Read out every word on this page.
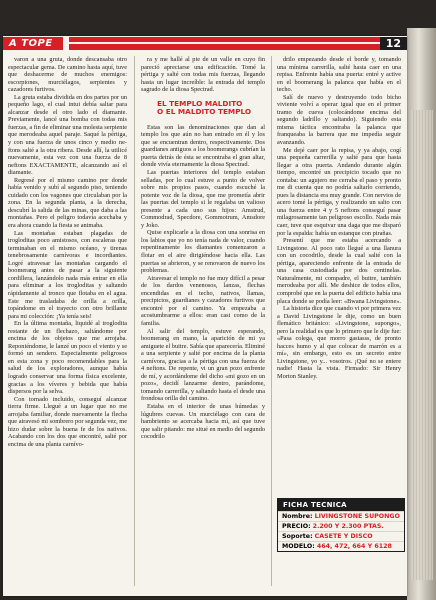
A TOPE	12

varon a una gruta, donde descansaba otro espectacular gema. De camino hasta aquí, tuve que deshacerme de muchos enemigos: escorpiones, murciélagos, serpientes y cazadores furtivos.

La gruta estaba dividida en dos partes por un pequeño lago, el cual intui debía saltar para alcanzar desde el otro lado el diamante. Previamente, lancé una bomba con todas mis fuerzas, a fin de eliminar una molesta serpiente que merodeaba aquel paraje. Saqué la pértiga, y con una fuerza de unos cinco y medio neftons salté a la otra ribera. Desde allí, la utilicé nuevamente, esta vez con una fuerza de 8 neftons EXACTAMENTE, alcanzando así el diamante.

Regresé por el mismo camino por donde había venido y subí al segundo piso, teniendo cuidado con los vagones que circulaban por la zona. En la segunda planta, a la derecha, descubrí la salida de las minas, que daba a las montañas. Pero el peligro todavía acechaba y era ahora cuando la fiesta se animaba.

Las montañas estaban plagadas de trogloditas poco amistosos, con escaleras que terminaban en el mismo océano, y tirenas tenebrosamente carnívoras e incordiantes. Logré atravesar las montañas cargando el boomerang antes de pasar a la siguiente cordillera, lanzándolo nada más entrar en ella para eliminar a los trogloditas y saltando rápidamente al tronco que flotaba en el agua. Este me trasladaba de orilla a orilla, topándome en el trayecto con otro brillante para mi colección: ¡Ya tenía seis!

En la última montaña, liquidé al troglodita restante de un flechazo, saltándome por encima de los objetos que me arrojaba. Reponiéndome, le lanzé un poco el viento y se formó un sendero. Especialmente peligrosos en esta zona y poco recomendables para la salud de los exploradores, aunque había logrado conservar una forma física excelente, gracias a los víveres y bebida que había dispersos por la selva.

Con tornado incluido, conseguí alcanzar tierra firme. Llegué a un lugar que no me arrojaba familiar, donde nuevamente la flecha que atravesó mi sombrero por segunda vez, me hizo dudar sobre la buena fe de los nativos. Acabando con los dos que encontré, salté por encima de una planta carnívo-

ra y me hallé al pie de un valle en cuyo fin pareció apreciarse una edificación. Tomé la pértiga y salté con todas mis fuerzas, llegando hasta un lugar increíble: la entrada del templo sagrado de la diosa Spectrad.

EL TEMPLO MALDITO
O EL MALDITO TEMPLO

Estas son las denominaciones que dan al templo los que aún no han entrado en él y los que se encuentran dentro, respectivamente. Dos guardianes antiguos a los boomerangs cubrían la puerta detrás de ésta se encontraba el gran altar, donde vivía eternamente la diosa Spectrad.

Las puertas interiores del templo estaban selladas, por lo cual estuve a punto de volver sobre mis propios pasos, cuando escuché la potente voz de la diosa, que me prometía abrir las puertas del templo si le regalaba un valioso presente a cada uno sus hijos: Amstrud, Commodrad, Specdore, Gommotrum, Amsdore y Joko.

Quise explicarle a la diosa con una sonrisa en los labios que yo no tenía nada de valor, cuando repentinamente los diamantes comenzaron a flotar en el aire dirigiéndose hacia ella. Las puertas se abrieron, y se renovaron de nuevo los problemas.

Atravesar el templo no fue muy difícil a pesar de los dardos venenosos, lanzas, flechas encendidas en el techo, nativos, llamas, precipicios, guardianes y cazadores furtivos que encontré por el camino. Ya empezaba a acostumbrarme a ellos: eran casi como de la familia.

Al salir del templo, estuve esperando, boomerang en mano, la aparición de mi ya amiguete el buitre. Sabía que aparecería. Eliminé a una serpiente y salté por encima de la planta carnívora, gracias a la pértiga con una fuerza de 4 neftons. De repente, vi un gran pozo enfrente de mí, y acordándome del dicho «mi gozo en un pozo», decidí lanzarme dentro, parándome, tomando carrerilla, y saltando hasta el desde una frondosa orilla del camino.

Estaba en el interior de unas húmedas y lúgubres cuevas. Un murciélago con cara de hambriento se acercaba hacia mí, así que tuve que salir pitando: me situé en medio del segundo cocodrilo

drilo empezando desde el borde y, tomando una mínima carrerilla, salté hasta caer en una repisa. Enfrente había una puerta: entré y active en el boomerang la palanca que había en el techo.

Salí de nuevo y destruyendo todo bicho viviente volví a operar igual que en el primer tramo de cueva (colocándome encima del segundo ladrillo y saltando). Siguiendo esta misma táctica encontraba la palanca que franqueaba la barrera que me impedía seguir avanzando.

Me dejé caer por la repisa, y ya abajo, cogí una pequeña carrerilla y salté para que hasta llegar a otra puerta. Andando durante algún tiempo, encontré un precipicio tocado que no contaba: un agujero me cerraba el paso y pronto me di cuenta que no podría saltarlo corriendo, pues la distancia era muy grande. Con nervios de acero tomé la pértiga, y realizando un salto con una fuerza entre 4 y 5 neftons conseguí pasar milagrosamente tan peligroso escollo. Nada más caer, tuve que esquivar una daga que me disparó por la espalda: había un estanque con pirañas.

Presentí que me estaba acercando a Livingstone. Al poco rato llegué a una llanura con un cocodrilo, desde la cual salté con la pértiga, apareciendo enfrente de la entrada de una casa custodiada por dos centinelas. Naturalmente, mi compadre, el buitre, también merodeaba por allí. Me deshice de todos ellos, comprobé que en la puerta del edificio había una placa donde se podía leer: «Bwana Livingstone».

La historia dice que cuando vi por primera vez a David Livingstone le dije, como un buen flemático británico: «Livingstone, supongo», pero la realidad es que lo primero que le dije fue: «Pasa colega, que morro gastasss, de pronto hacces humo y al que colocar de marrón es a mí», sin embargo, esto es un secreto entre Livingstone, yo y... vosotros. ¡Qué no se entere nadie! Hasta la vista. Firmado: Sir Henry Morton Stanley.

FICHA TECNICA
Nombre: LIVINGSTONE SUPONGO
PRECIO: 2.200 Y 2.300 PTAS.
Soporte: CASETE Y DISCO
MODELO: 464, 472, 664 Y 6128
